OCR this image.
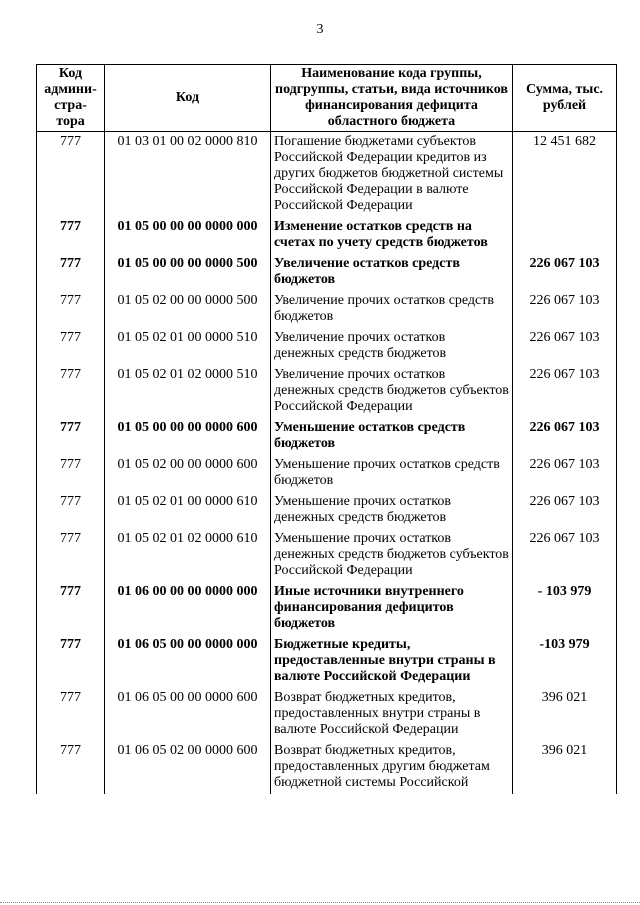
3
Код админи-стра-тора	Код	Наименование кода группы, подгруппы, статьи, вида источников финансирования дефицита областного бюджета	Сумма, тыс. рублей
777	01 03 01 00 02 0000 810	Погашение бюджетами субъектов Российской Федерации кредитов из других бюджетов бюджетной системы Российской Федерации в валюте Российской Федерации	12 451 682
777	01 05 00 00 00 0000 000	Изменение остатков средств на счетах по учету средств бюджетов	
777	01 05 00 00 00 0000 500	Увеличение остатков средств бюджетов	226 067 103
777	01 05 02 00 00 0000 500	Увеличение прочих остатков средств бюджетов	226 067 103
777	01 05 02 01 00 0000 510	Увеличение прочих остатков денежных средств бюджетов	226 067 103
777	01 05 02 01 02 0000 510	Увеличение прочих остатков денежных средств бюджетов субъектов Российской Федерации	226 067 103
777	01 05 00 00 00 0000 600	Уменьшение остатков средств бюджетов	226 067 103
777	01 05 02 00 00 0000 600	Уменьшение прочих остатков средств бюджетов	226 067 103
777	01 05 02 01 00 0000 610	Уменьшение прочих остатков денежных средств бюджетов	226 067 103
777	01 05 02 01 02 0000 610	Уменьшение прочих остатков денежных средств бюджетов субъектов Российской Федерации	226 067 103
777	01 06 00 00 00 0000 000	Иные источники внутреннего финансирования дефицитов бюджетов	- 103 979
777	01 06 05 00 00 0000 000	Бюджетные кредиты, предоставленные внутри страны в валюте Российской Федерации	-103 979
777	01 06 05 00 00 0000 600	Возврат бюджетных кредитов, предоставленных внутри страны в валюте Российской Федерации	396 021
777	01 06 05 02 00 0000 600	Возврат бюджетных кредитов, предоставленных другим бюджетам бюджетной системы Российской	396 021
